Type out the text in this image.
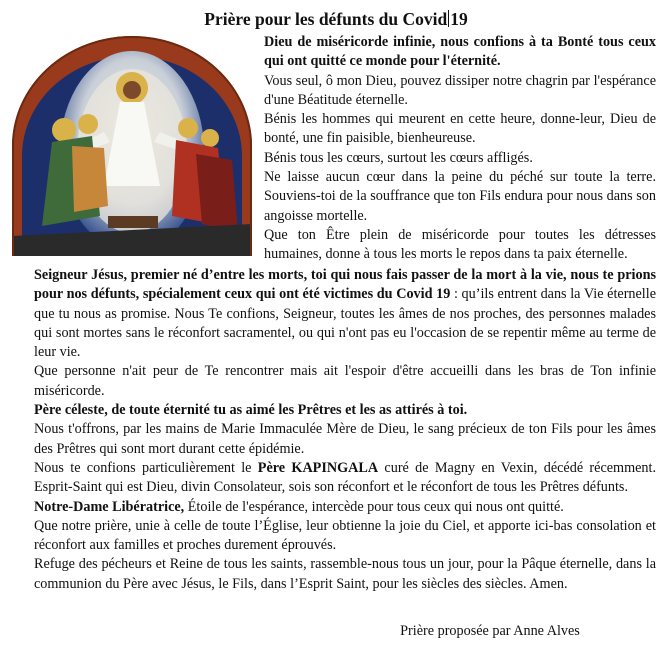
Prière pour les défunts du Covid 19

Dieu de miséricorde infinie, nous confions à ta Bonté tous ceux qui ont quitté ce monde pour l'éternité.

Vous seul, ô mon Dieu, pouvez dissiper notre chagrin par l'espérance d'une Béatitude éternelle.

Bénis les hommes qui meurent en cette heure, donne-leur, Dieu de bonté, une fin paisible, bienheureuse.

Bénis tous les cœurs, surtout les cœurs affligés.

Ne laisse aucun cœur dans la peine du péché sur toute la terre. Souviens-toi de la souffrance que ton Fils endura pour nous dans son angoisse mortelle.

Que ton Être plein de miséricorde pour toutes les détresses humaines, donne à tous les morts le repos dans ta paix éternelle.

Seigneur Jésus, premier né d’entre les morts, toi qui nous fais passer de la mort à la vie, nous te prions pour nos défunts, spécialement ceux qui ont été victimes du Covid 19 : qu’ils entrent dans la Vie éternelle que tu nous as promise. Nous Te confions, Seigneur, toutes les âmes de nos proches, des personnes malades qui sont mortes sans le réconfort sacramentel, ou qui n'ont pas eu l'occasion de se repentir même au terme de leur vie.

Que personne n'ait peur de Te rencontrer mais ait l'espoir d'être accueilli dans les bras de Ton infinie miséricorde.

Père céleste, de toute éternité tu as aimé les Prêtres et les as attirés à toi.

Nous t'offrons, par les mains de Marie Immaculée Mère de Dieu, le sang précieux de ton Fils pour les âmes des Prêtres qui sont mort durant cette épidémie.

Nous te confions particulièrement le Père KAPINGALA curé de Magny en Vexin, décédé récemment. Esprit-Saint qui est Dieu, divin Consolateur, sois son réconfort et le réconfort de tous les Prêtres défunts.

Notre-Dame Libératrice, Étoile de l'espérance, intercède pour tous ceux qui nous ont quitté.

Que notre prière, unie à celle de toute l’Église, leur obtienne la joie du Ciel, et apporte ici-bas consolation et réconfort aux familles et proches durement éprouvés.

Refuge des pécheurs et Reine de tous les saints, rassemble-nous tous un jour, pour la Pâque éternelle, dans la communion du Père avec Jésus, le Fils, dans l’Esprit Saint, pour les siècles des siècles. Amen.

Prière proposée par Anne Alves
